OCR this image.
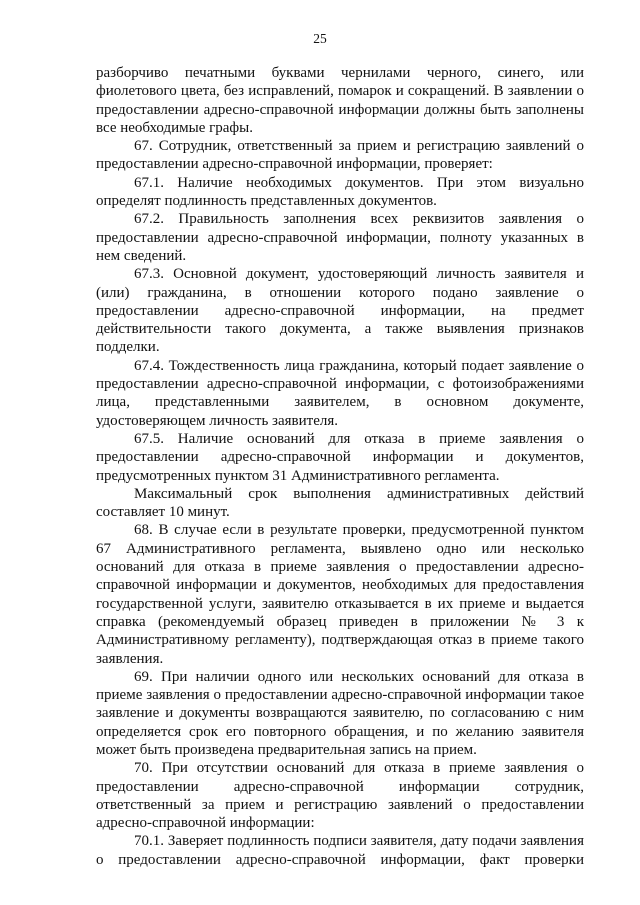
25

разборчиво печатными буквами чернилами черного, синего, или фиолетового цвета, без исправлений, помарок и сокращений. В заявлении о предоставлении адресно-справочной информации должны быть заполнены все необходимые графы.

67. Сотрудник, ответственный за прием и регистрацию заявлений о предоставлении адресно-справочной информации, проверяет:

67.1. Наличие необходимых документов. При этом визуально определят подлинность представленных документов.

67.2. Правильность заполнения всех реквизитов заявления о предоставлении адресно-справочной информации, полноту указанных в нем сведений.

67.3. Основной документ, удостоверяющий личность заявителя и (или) гражданина, в отношении которого подано заявление о предоставлении адресно-справочной информации, на предмет действительности такого документа, а также выявления признаков подделки.

67.4. Тождественность лица гражданина, который подает заявление о предоставлении адресно-справочной информации, с фотоизображениями лица, представленными заявителем, в основном документе, удостоверяющем личность заявителя.

67.5. Наличие оснований для отказа в приеме заявления о предоставлении адресно-справочной информации и документов, предусмотренных пунктом 31 Административного регламента.

Максимальный срок выполнения административных действий составляет 10 минут.

68. В случае если в результате проверки, предусмотренной пунктом 67 Административного регламента, выявлено одно или несколько оснований для отказа в приеме заявления о предоставлении адресно-справочной информации и документов, необходимых для предоставления государственной услуги, заявителю отказывается в их приеме и выдается справка (рекомендуемый образец приведен в приложении № 3 к Административному регламенту), подтверждающая отказ в приеме такого заявления.

69. При наличии одного или нескольких оснований для отказа в приеме заявления о предоставлении адресно-справочной информации такое заявление и документы возвращаются заявителю, по согласованию с ним определяется срок его повторного обращения, и по желанию заявителя может быть произведена предварительная запись на прием.

70. При отсутствии оснований для отказа в приеме заявления о предоставлении адресно-справочной информации сотрудник, ответственный за прием и регистрацию заявлений о предоставлении адресно-справочной информации:

70.1. Заверяет подлинность подписи заявителя, дату подачи заявления о предоставлении адресно-справочной информации, факт проверки
